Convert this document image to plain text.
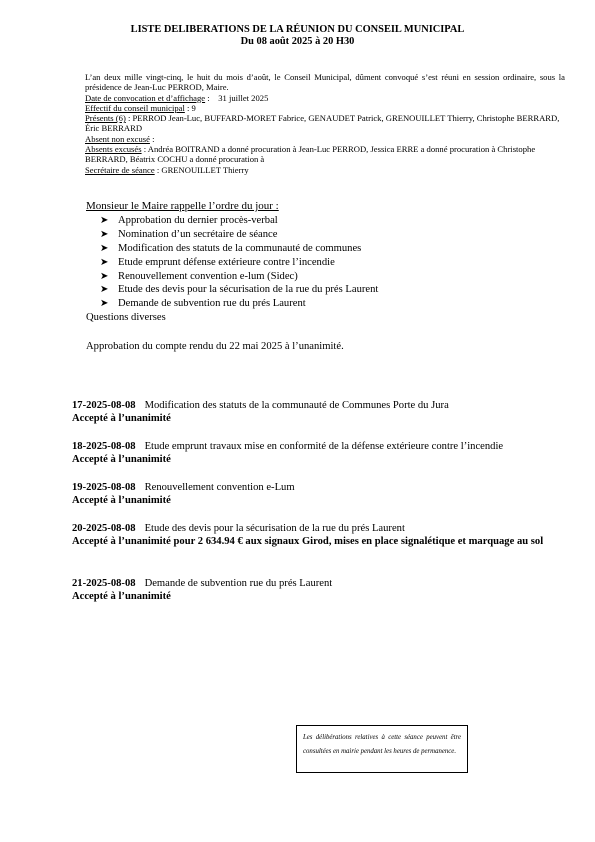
LISTE DELIBERATIONS DE LA RÉUNION DU CONSEIL MUNICIPAL
Du 08 août 2025 à 20 H30

L’an deux mille vingt-cinq, le huit du mois d’août, le Conseil Municipal, dûment convoqué s’est réuni en session ordinaire, sous la présidence de Jean-Luc PERROD, Maire.

Date de convocation et d’affichage :    31 juillet 2025

Effectif du conseil municipal : 9

Présents (6) : PERROD Jean-Luc, BUFFARD-MORET Fabrice, GENAUDET Patrick, GRENOUILLET Thierry, Christophe BERRARD, Éric BERRARD

Absent non excusé :

Absents excusés : Andréa BOITRAND a donné procuration à Jean-Luc PERROD, Jessica ERRE a donné procuration à Christophe BERRARD, Béatrix COCHU a donné procuration à

Secrétaire de séance : GRENOUILLET Thierry

Monsieur le Maire rappelle l’ordre du jour :
➤ Approbation du dernier procès-verbal
➤ Nomination d’un secrétaire de séance
➤ Modification des statuts de la communauté de communes
➤ Etude emprunt défense extérieure contre l’incendie
➤ Renouvellement convention e-lum (Sidec)
➤ Etude des devis pour la sécurisation de la rue du prés Laurent
➤ Demande de subvention rue du prés Laurent
Questions diverses
Approbation du compte rendu du 22 mai 2025 à l’unanimité.
17-2025-08-08 Modification des statuts de la communauté de Communes Porte du Jura
Accepté à l’unanimité
18-2025-08-08 Etude emprunt travaux mise en conformité de la défense extérieure contre l’incendie
Accepté à l’unanimité
19-2025-08-08 Renouvellement convention e-Lum
Accepté à l’unanimité
20-2025-08-08 Etude des devis pour la sécurisation de la rue du prés Laurent
Accepté à l’unanimité pour 2 634.94 € aux signaux Girod, mises en place signalétique et marquage au sol
21-2025-08-08 Demande de subvention rue du prés Laurent
Accepté à l’unanimité
Les délibérations relatives à cette séance peuvent être consultées en mairie pendant les heures de permanence.
